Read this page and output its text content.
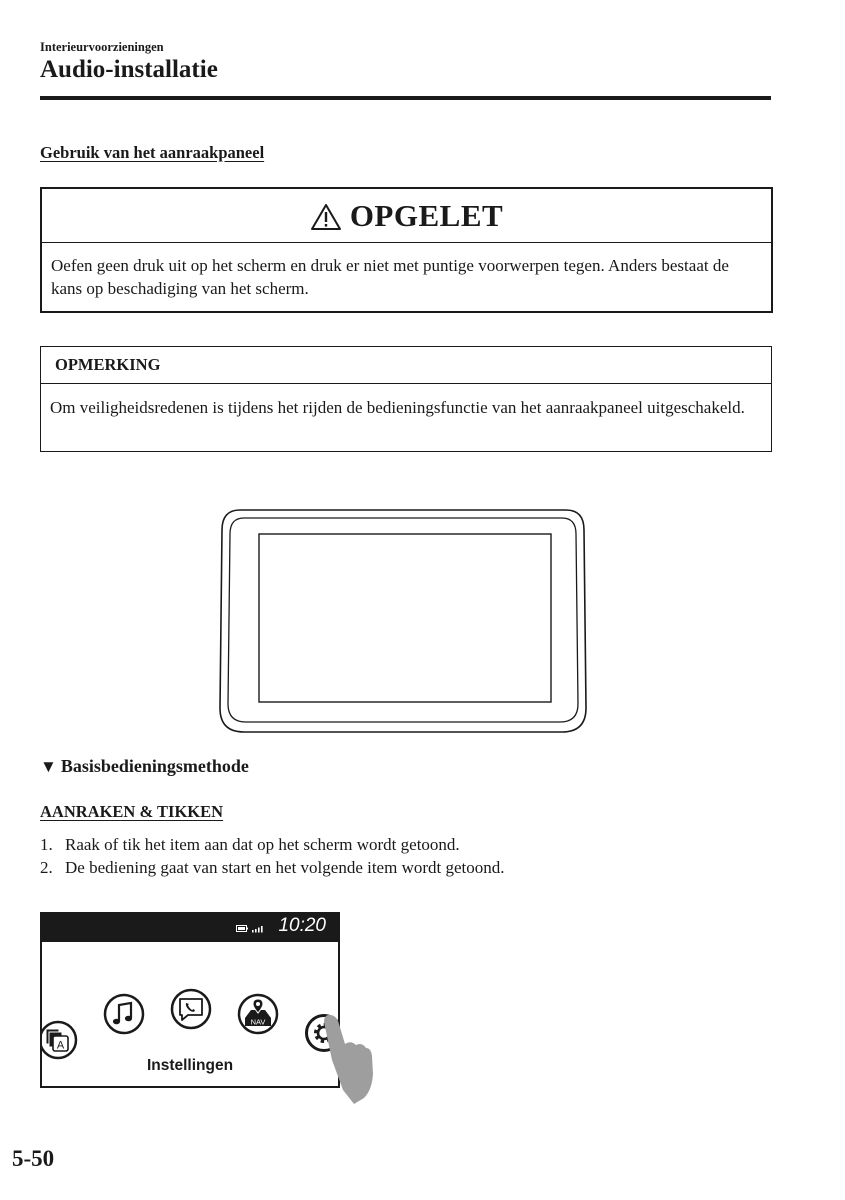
Interieurvoorzieningen
Audio-installatie
Gebruik van het aanraakpaneel
OPGELET
Oefen geen druk uit op het scherm en druk er niet met puntige voorwerpen tegen. Anders bestaat de kans op beschadiging van het scherm.
OPMERKING
Om veiligheidsredenen is tijdens het rijden de bedieningsfunctie van het aanraakpaneel uitgeschakeld.
▼ Basisbedieningsmethode
AANRAKEN & TIKKEN
1. Raak of tik het item aan dat op het scherm wordt getoond.
2. De bediening gaat van start en het volgende item wordt getoond.
10:20
A
NAV
Instellingen
5-50
